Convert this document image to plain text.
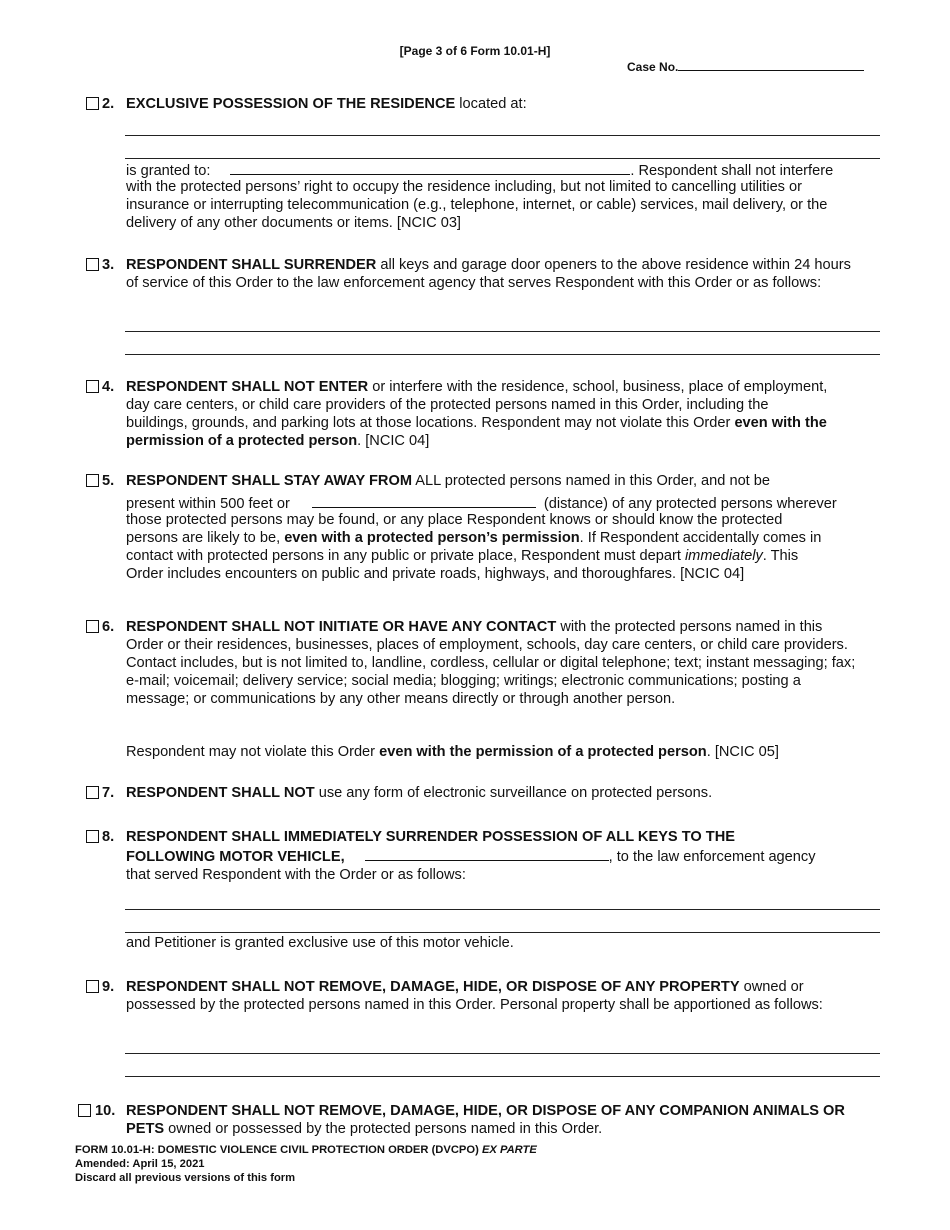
[Page 3 of 6 Form 10.01-H]
Case No.
2. EXCLUSIVE POSSESSION OF THE RESIDENCE located at:
is granted to:	. Respondent shall not interfere
with the protected persons’ right to occupy the residence including, but not limited to cancelling utilities or insurance or interrupting telecommunication (e.g., telephone, internet, or cable) services, mail delivery, or the delivery of any other documents or items. [NCIC 03]
3. RESPONDENT SHALL SURRENDER all keys and garage door openers to the above residence within 24 hours of service of this Order to the law enforcement agency that serves Respondent with this Order or as follows:
4. RESPONDENT SHALL NOT ENTER or interfere with the residence, school, business, place of employment, day care centers, or child care providers of the protected persons named in this Order, including the buildings, grounds, and parking lots at those locations. Respondent may not violate this Order even with the permission of a protected person. [NCIC 04]
5. RESPONDENT SHALL STAY AWAY FROM ALL protected persons named in this Order, and not be
present within 500 feet or	(distance) of any protected persons wherever
those protected persons may be found, or any place Respondent knows or should know the protected persons are likely to be, even with a protected person’s permission. If Respondent accidentally comes in contact with protected persons in any public or private place, Respondent must depart immediately. This Order includes encounters on public and private roads, highways, and thoroughfares. [NCIC 04]
6. RESPONDENT SHALL NOT INITIATE OR HAVE ANY CONTACT with the protected persons named in this Order or their residences, businesses, places of employment, schools, day care centers, or child care providers. Contact includes, but is not limited to, landline, cordless, cellular or digital telephone; text; instant messaging; fax; e-mail; voicemail; delivery service; social media; blogging; writings; electronic communications; posting a message; or communications by any other means directly or through another person.
Respondent may not violate this Order even with the permission of a protected person. [NCIC 05]
7. RESPONDENT SHALL NOT use any form of electronic surveillance on protected persons.
8. RESPONDENT SHALL IMMEDIATELY SURRENDER POSSESSION OF ALL KEYS TO THE
FOLLOWING MOTOR VEHICLE,	, to the law enforcement agency
that served Respondent with the Order or as follows:
and Petitioner is granted exclusive use of this motor vehicle.
9. RESPONDENT SHALL NOT REMOVE, DAMAGE, HIDE, OR DISPOSE OF ANY PROPERTY owned or possessed by the protected persons named in this Order. Personal property shall be apportioned as follows:
10. RESPONDENT SHALL NOT REMOVE, DAMAGE, HIDE, OR DISPOSE OF ANY COMPANION ANIMALS OR PETS owned or possessed by the protected persons named in this Order.
FORM 10.01-H: DOMESTIC VIOLENCE CIVIL PROTECTION ORDER (DVCPO) EX PARTE
Amended: April 15, 2021
Discard all previous versions of this form
